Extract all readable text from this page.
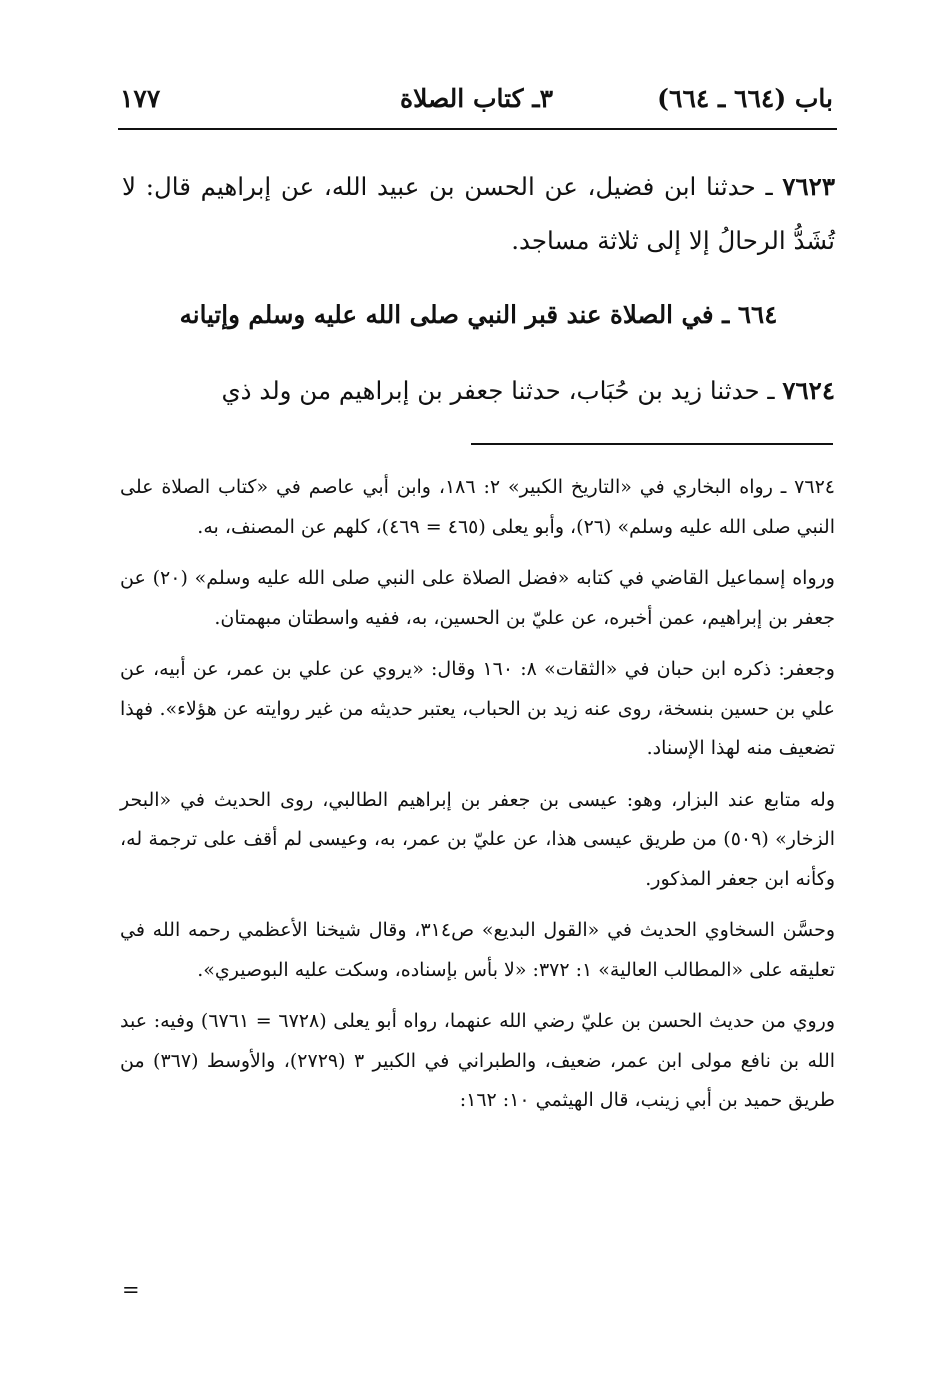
باب (٦٦٤ ـ ٦٦٤)
٣ـ كتاب الصلاة
١٧٧

٧٦٢٣ ـ حدثنا ابن فضيل، عن الحسن بن عبيد الله، عن إبراهيم قال: لا تُشَدُّ الرحالُ إلا إلى ثلاثة مساجد.

٦٦٤ ـ في الصلاة عند قبر النبي صلى الله عليه وسلم وإتيانه

٧٦٢٤ ـ حدثنا زيد بن حُبَاب، حدثنا جعفر بن إبراهيم من ولد ذي

٧٦٢٤ ـ رواه البخاري في «التاريخ الكبير» ٢: ١٨٦، وابن أبي عاصم في «كتاب الصلاة على النبي صلى الله عليه وسلم» (٢٦)، وأبو يعلى (٤٦٥ = ٤٦٩)، كلهم عن المصنف، به.

ورواه إسماعيل القاضي في كتابه «فضل الصلاة على النبي صلى الله عليه وسلم» (٢٠) عن جعفر بن إبراهيم، عمن أخبره، عن عليّ بن الحسين، به، ففيه واسطتان مبهمتان.

وجعفر: ذكره ابن حبان في «الثقات» ٨: ١٦٠ وقال: «يروي عن علي بن عمر، عن أبيه، عن علي بن حسين بنسخة، روى عنه زيد بن الحباب، يعتبر حديثه من غير روايته عن هؤلاء». فهذا تضعيف منه لهذا الإسناد.

وله متابع عند البزار، وهو: عيسى بن جعفر بن إبراهيم الطالبي، روى الحديث في «البحر الزخار» (٥٠٩) من طريق عيسى هذا، عن عليّ بن عمر، به، وعيسى لم أقف على ترجمة له، وكأنه ابن جعفر المذكور.

وحسَّن السخاوي الحديث في «القول البديع» ص٣١٤، وقال شيخنا الأعظمي رحمه الله في تعليقه على «المطالب العالية» ١: ٣٧٢: «لا بأس بإسناده، وسكت عليه البوصيري».

وروي من حديث الحسن بن عليّ رضي الله عنهما، رواه أبو يعلى (٦٧٢٨ = ٦٧٦١) وفيه: عبد الله بن نافع مولى ابن عمر، ضعيف، والطبراني في الكبير ٣ (٢٧٢٩)، والأوسط (٣٦٧) من طريق حميد بن أبي زينب، قال الهيثمي ١٠: ١٦٢:

=
